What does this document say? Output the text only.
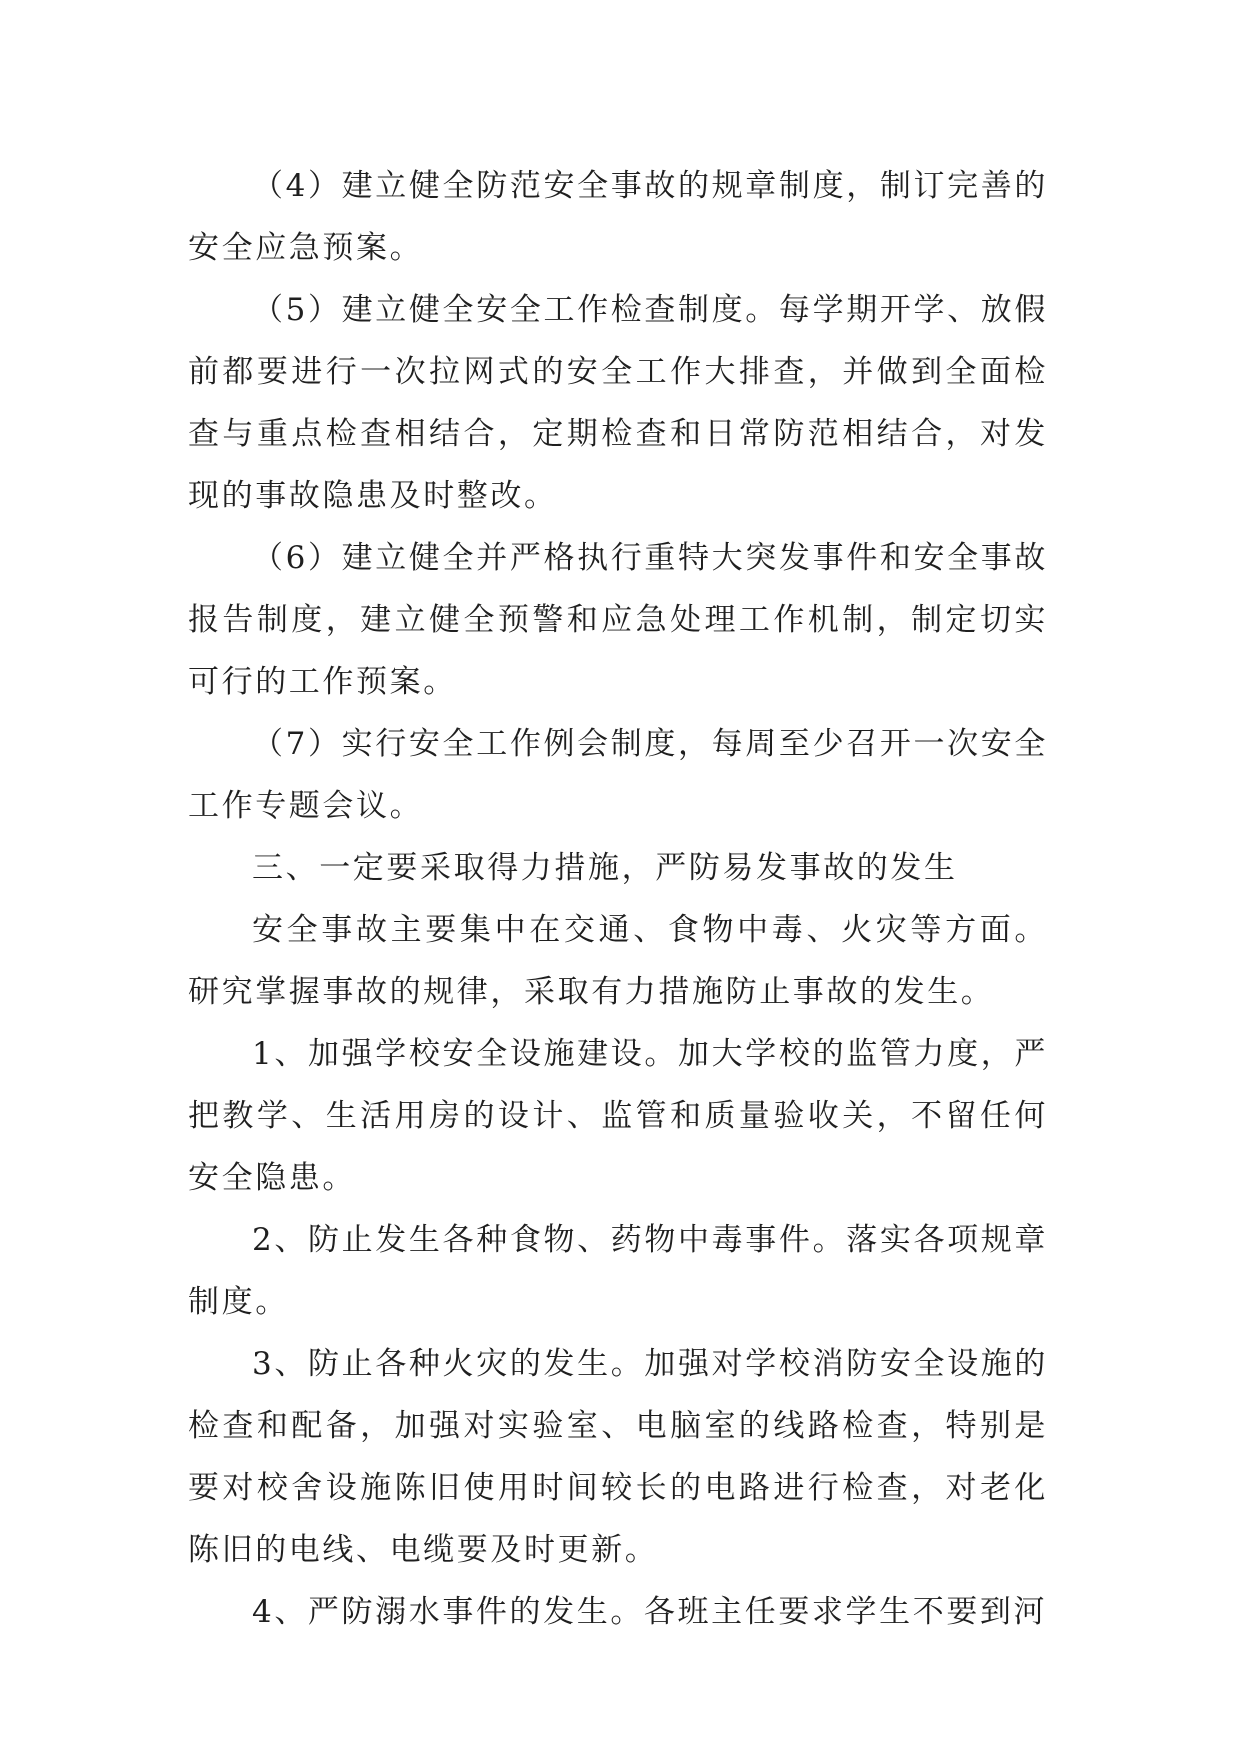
（4）建立健全防范安全事故的规章制度，制订完善的安全应急预案。

（5）建立健全安全工作检查制度。每学期开学、放假前都要进行一次拉网式的安全工作大排查，并做到全面检查与重点检查相结合，定期检查和日常防范相结合，对发现的事故隐患及时整改。

（6）建立健全并严格执行重特大突发事件和安全事故报告制度，建立健全预警和应急处理工作机制，制定切实可行的工作预案。

（7）实行安全工作例会制度，每周至少召开一次安全工作专题会议。

三、一定要采取得力措施，严防易发事故的发生

安全事故主要集中在交通、食物中毒、火灾等方面。研究掌握事故的规律，采取有力措施防止事故的发生。

1、加强学校安全设施建设。加大学校的监管力度，严把教学、生活用房的设计、监管和质量验收关，不留任何安全隐患。

2、防止发生各种食物、药物中毒事件。落实各项规章制度。

3、防止各种火灾的发生。加强对学校消防安全设施的检查和配备，加强对实验室、电脑室的线路检查，特别是要对校舍设施陈旧使用时间较长的电路进行检查，对老化陈旧的电线、电缆要及时更新。

4、严防溺水事件的发生。各班主任要求学生不要到河
